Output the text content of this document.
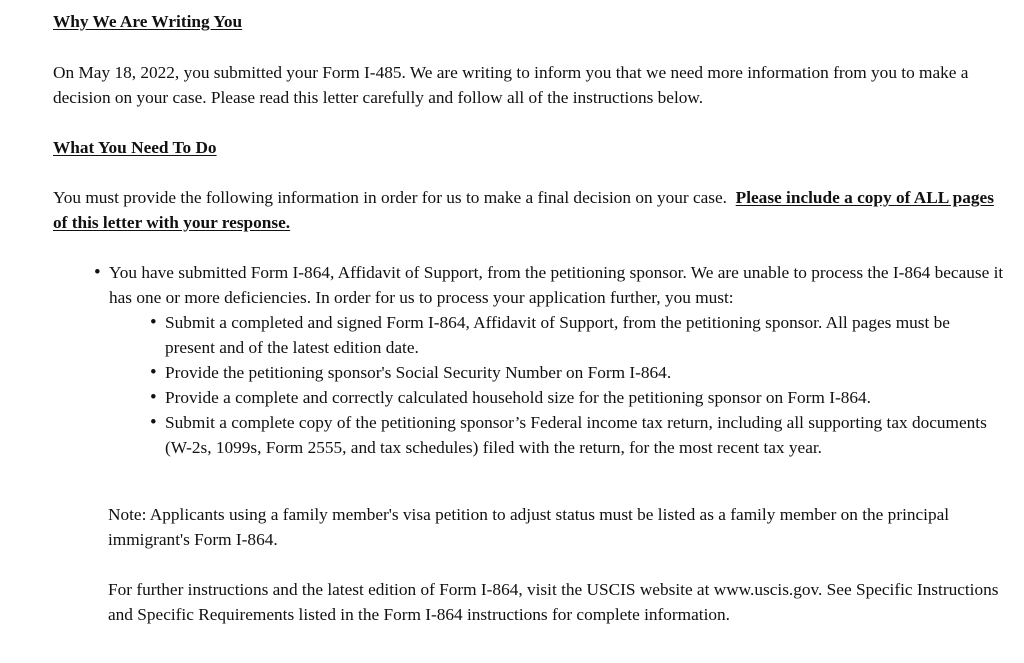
Why We Are Writing You

On May 18, 2022, you submitted your Form I-485. We are writing to inform you that we need more information from you to make a decision on your case. Please read this letter carefully and follow all of the instructions below.

What You Need To Do

You must provide the following information in order for us to make a final decision on your case. Please include a copy of ALL pages of this letter with your response.

• You have submitted Form I-864, Affidavit of Support, from the petitioning sponsor. We are unable to process the I-864 because it has one or more deficiencies. In order for us to process your application further, you must:

• Submit a completed and signed Form I-864, Affidavit of Support, from the petitioning sponsor. All pages must be present and of the latest edition date.

• Provide the petitioning sponsor's Social Security Number on Form I-864.

• Provide a complete and correctly calculated household size for the petitioning sponsor on Form I-864.

• Submit a complete copy of the petitioning sponsor’s Federal income tax return, including all supporting tax documents (W-2s, 1099s, Form 2555, and tax schedules) filed with the return, for the most recent tax year.

Note: Applicants using a family member's visa petition to adjust status must be listed as a family member on the principal immigrant's Form I-864.

For further instructions and the latest edition of Form I-864, visit the USCIS website at www.uscis.gov. See Specific Instructions and Specific Requirements listed in the Form I-864 instructions for complete information.
